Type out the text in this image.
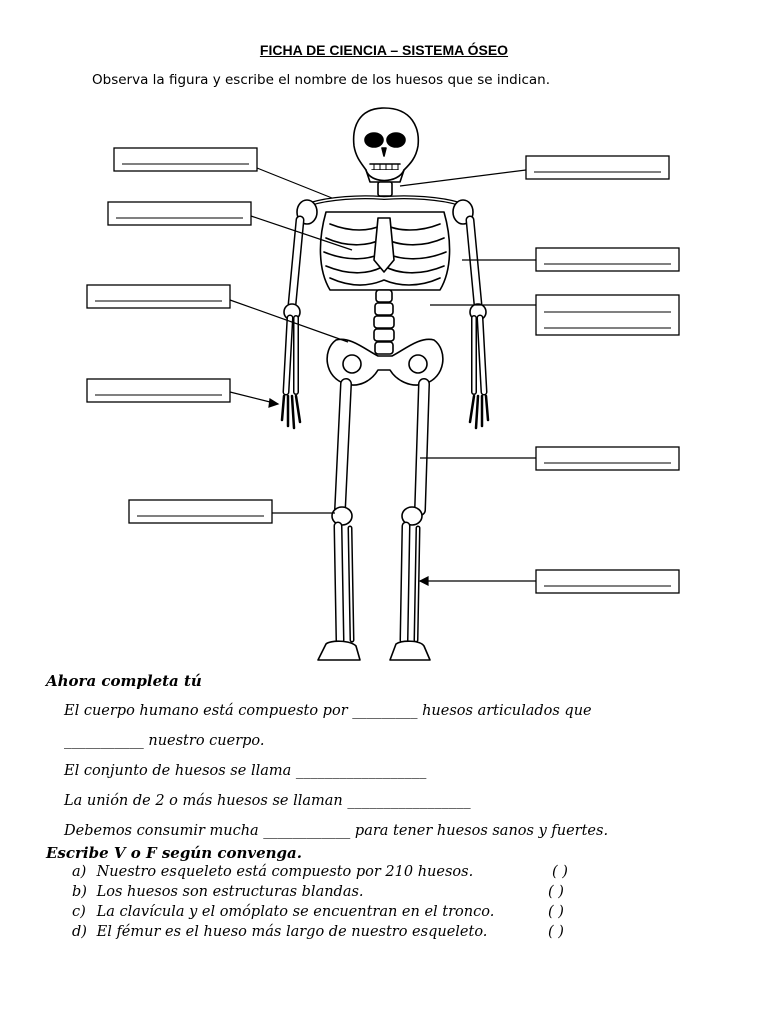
FICHA DE CIENCIA – SISTEMA ÓSEO
Observa la figura y escribe el nombre de los huesos que se indican.
Ahora completa tú
El cuerpo humano está compuesto por _________ huesos articulados que
___________ nuestro cuerpo.
El conjunto de huesos se llama __________________
La unión de 2 o más huesos se llaman _________________
Debemos consumir mucha ____________ para tener huesos sanos y fuertes.
Escribe V o F según convenga.
a) Nuestro esqueleto está compuesto por 210 huesos.	( )
b) Los huesos son estructuras blandas.	( )
c) La clavícula y el omóplato se encuentran en el tronco.	( )
d) El fémur es el hueso más largo de nuestro esqueleto.	( )
